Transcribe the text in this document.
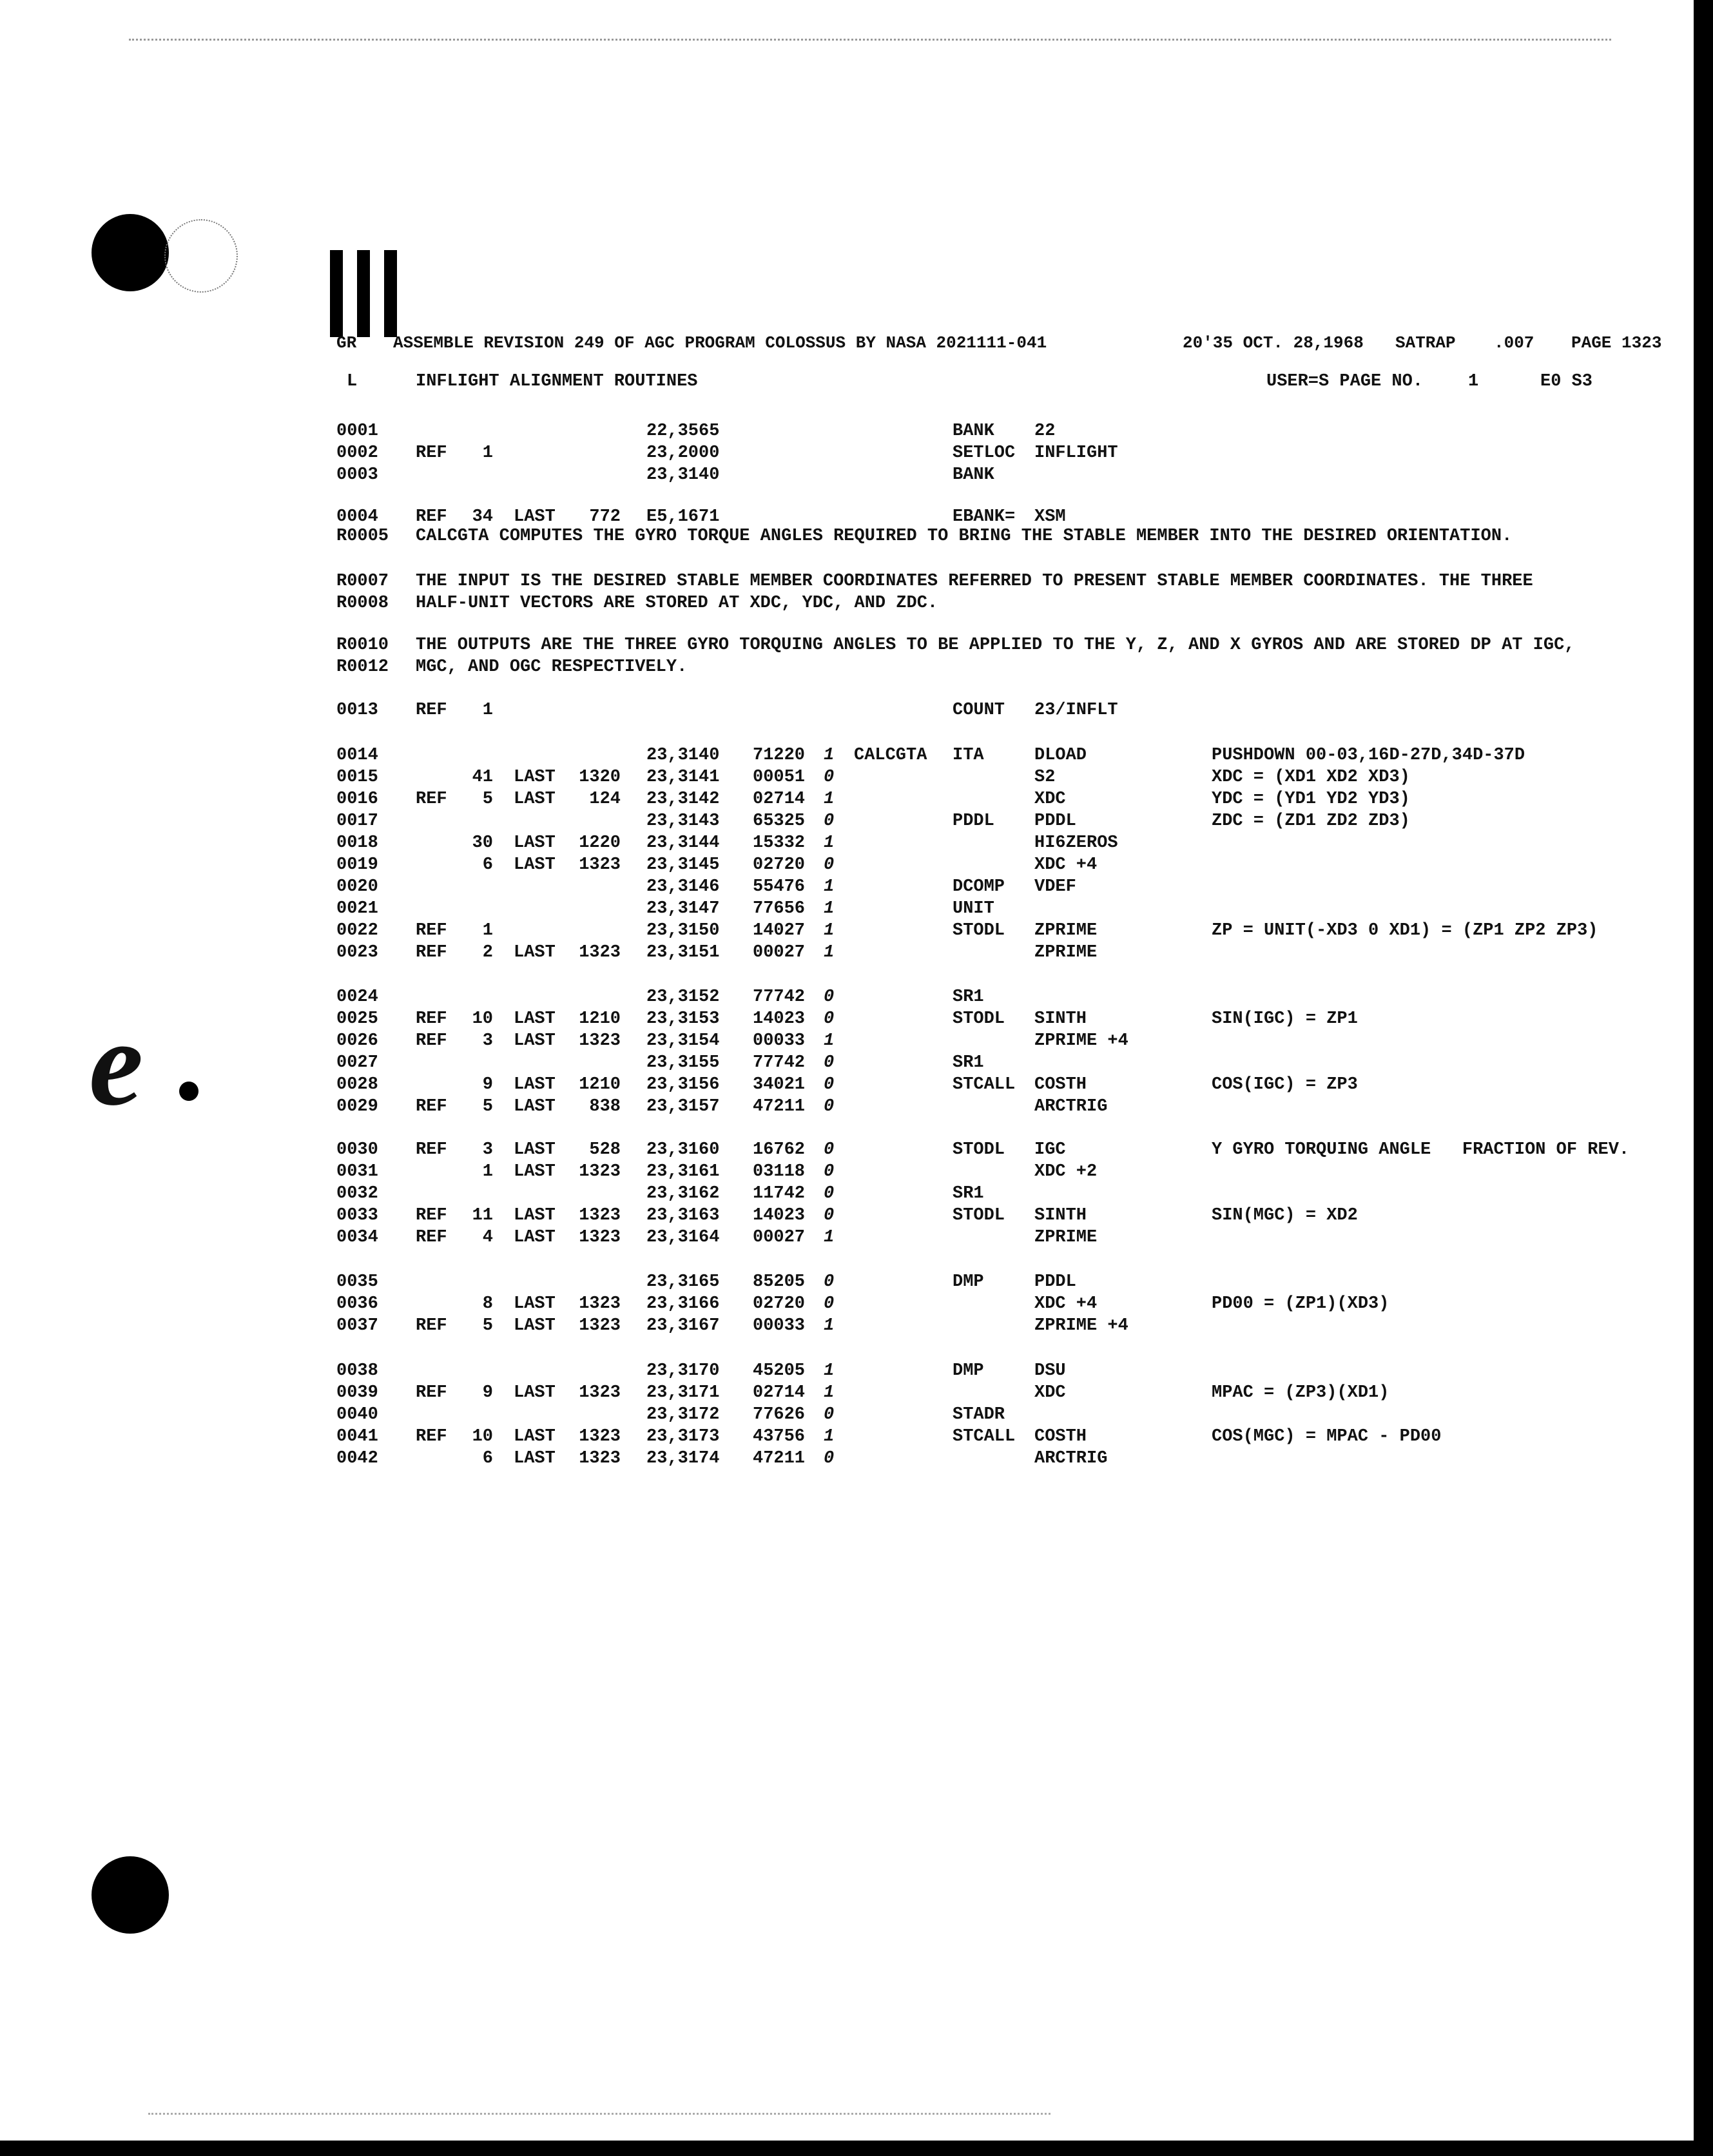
e
GR ASSEMBLE REVISION 249 OF AGC PROGRAM COLOSSUS BY NASA 2021111-041	20'35 OCT. 28,1968 SATRAP .007 PAGE 1323
L	INFLIGHT ALIGNMENT ROUTINES	USER=S PAGE NO.	1	E0 S3
R0005 CALCGTA COMPUTES THE GYRO TORQUE ANGLES REQUIRED TO BRING THE STABLE MEMBER INTO THE DESIRED ORIENTATION.
R0007 THE INPUT IS THE DESIRED STABLE MEMBER COORDINATES REFERRED TO PRESENT STABLE MEMBER COORDINATES. THE THREE
R0008 HALF-UNIT VECTORS ARE STORED AT XDC, YDC, AND ZDC.
R0010 THE OUTPUTS ARE THE THREE GYRO TORQUING ANGLES TO BE APPLIED TO THE Y, Z, AND X GYROS AND ARE STORED DP AT IGC,
R0012 MGC, AND OGC RESPECTIVELY.
0001	22,3565	BANK 22
0002 REF	1	23,2000	SETLOC INFLIGHT
0003	23,3140	BANK
0004 REF	34 LAST	772 E5,1671	EBANK= XSM
0013 REF	1	COUNT 23/INFLT
0014	23,3140 71220 1 CALCGTA ITA	DLOAD	PUSHDOWN 00-03,16D-27D,34D-37D
0015	41 LAST	1320 23,3141 00051 0	S2	XDC = (XD1 XD2 XD3)
0016 REF	5 LAST	124 23,3142 02714 1	XDC	YDC = (YD1 YD2 YD3)
0017	23,3143 65325 0	PDDL PDDL	ZDC = (ZD1 ZD2 ZD3)
0018	30 LAST	1220 23,3144 15332 1	HI6ZEROS
0019	6 LAST	1323 23,3145 02720 0	XDC +4
0020	23,3146 55476 1	DCOMP VDEF
0021	23,3147 77656 1	UNIT
0022 REF	1	23,3150 14027 1	STODL ZPRIME	ZP = UNIT(-XD3 0 XD1) = (ZP1 ZP2 ZP3)
0023 REF	2 LAST	1323 23,3151 00027 1	ZPRIME
0024	23,3152 77742 0	SR1
0025 REF	10 LAST	1210 23,3153 14023 0	STODL SINTH	SIN(IGC) = ZP1
0026 REF	3 LAST	1323 23,3154 00033 1	ZPRIME +4
0027	23,3155 77742 0	SR1
0028	9 LAST	1210 23,3156 34021 0	STCALL COSTH	COS(IGC) = ZP3
0029 REF	5 LAST	838 23,3157 47211 0	ARCTRIG
0030 REF	3 LAST	528 23,3160 16762 0	STODL IGC	Y GYRO TORQUING ANGLE   FRACTION OF REV.
0031	1 LAST	1323 23,3161 03118 0	XDC +2
0032	23,3162 11742 0	SR1
0033 REF	11 LAST	1323 23,3163 14023 0	STODL SINTH	SIN(MGC) = XD2
0034 REF	4 LAST	1323 23,3164 00027 1	ZPRIME
0035	23,3165 85205 0	DMP	PDDL
0036	8 LAST	1323 23,3166 02720 0	XDC +4	PD00 = (ZP1)(XD3)
0037 REF	5 LAST	1323 23,3167 00033 1	ZPRIME +4
0038	23,3170 45205 1	DMP	DSU
0039 REF	9 LAST	1323 23,3171 02714 1	XDC	MPAC = (ZP3)(XD1)
0040	23,3172 77626 0	STADR
0041 REF	10 LAST	1323 23,3173 43756 1	STCALL COSTH	COS(MGC) = MPAC - PD00
0042	6 LAST	1323 23,3174 47211 0	ARCTRIG
